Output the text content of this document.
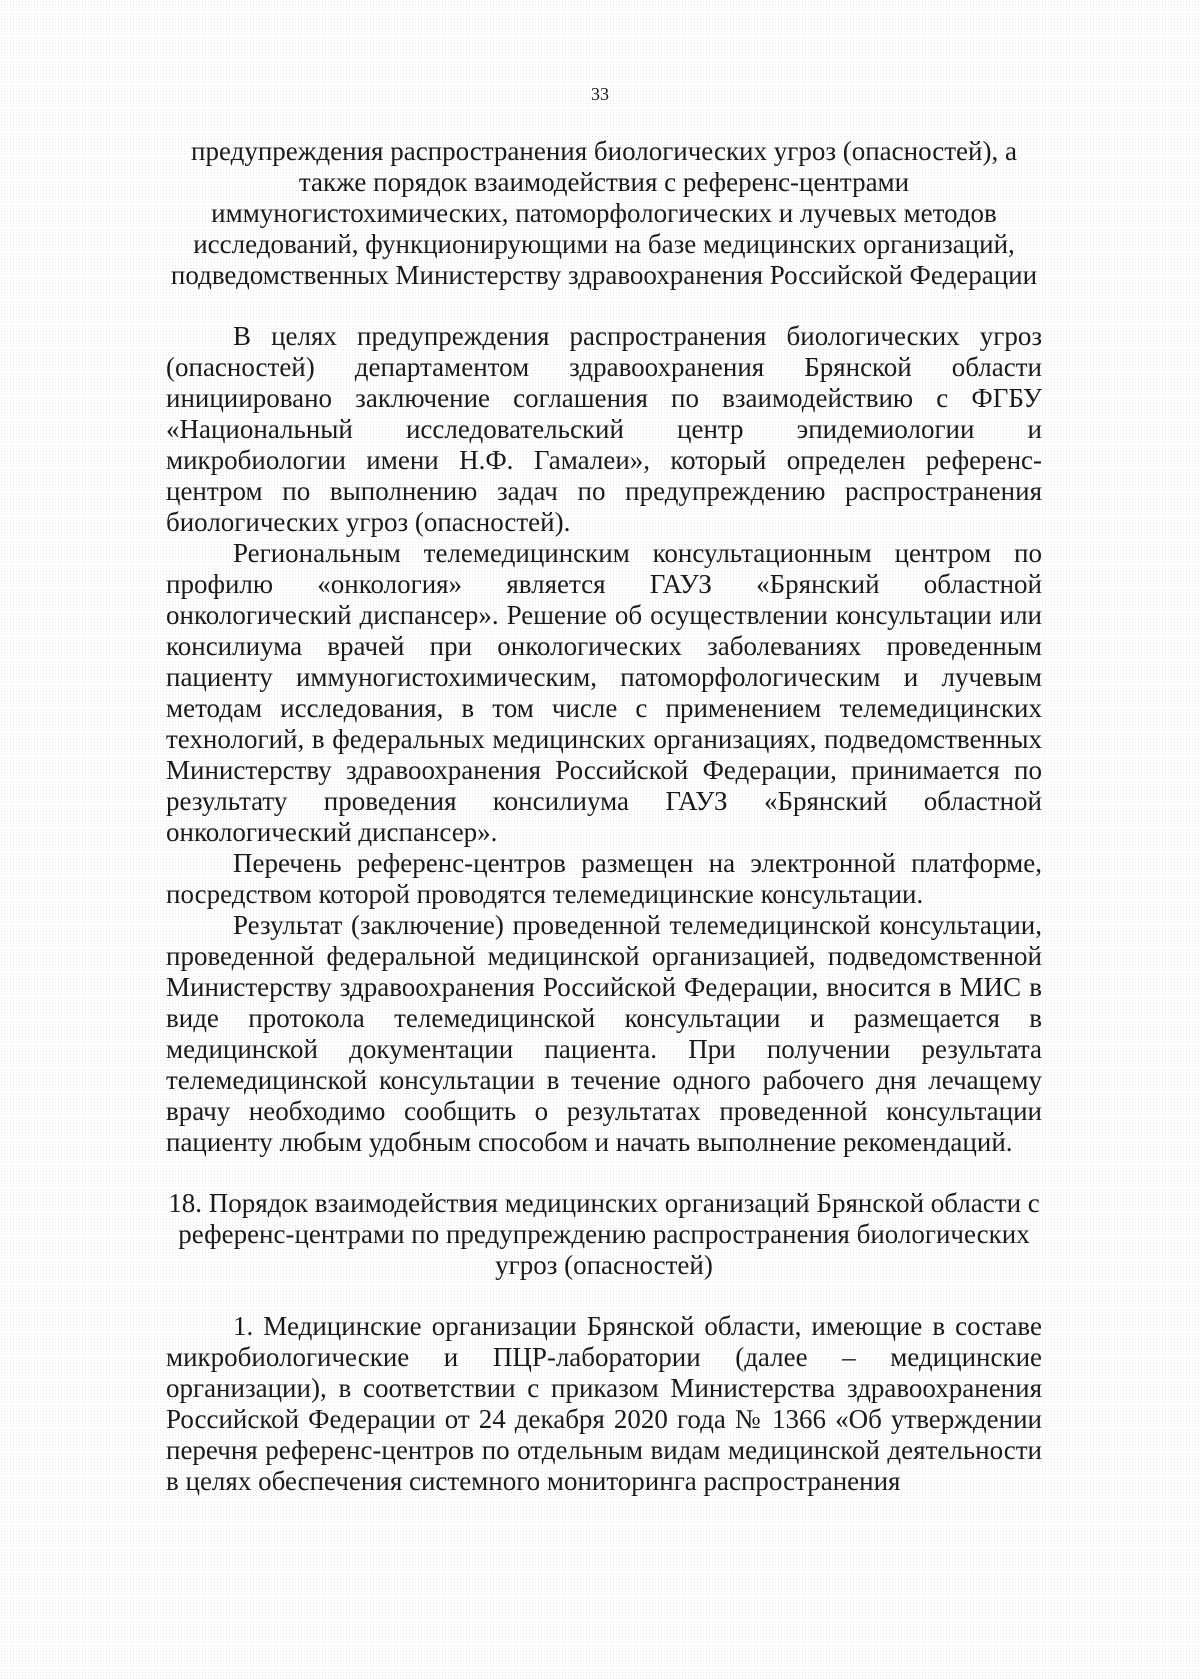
33

предупреждения распространения биологических угроз (опасностей), а также порядок взаимодействия с референс-центрами иммуногистохимических, патоморфологических и лучевых методов исследований, функционирующими на базе медицинских организаций, подведомственных Министерству здравоохранения Российской Федерации

В целях предупреждения распространения биологических угроз (опасностей) департаментом здравоохранения Брянской области инициировано заключение соглашения по взаимодействию с ФГБУ «Национальный исследовательский центр эпидемиологии и микробиологии имени Н.Ф. Гамалеи», который определен референс-центром по выполнению задач по предупреждению распространения биологических угроз (опасностей).

Региональным телемедицинским консультационным центром по профилю «онкология» является ГАУЗ «Брянский областной онкологический диспансер». Решение об осуществлении консультации или консилиума врачей при онкологических заболеваниях проведенным пациенту иммуногистохимическим, патоморфологическим и лучевым методам исследования, в том числе с применением телемедицинских технологий, в федеральных медицинских организациях, подведомственных Министерству здравоохранения Российской Федерации, принимается по результату проведения консилиума ГАУЗ «Брянский областной онкологический диспансер».

Перечень референс-центров размещен на электронной платформе, посредством которой проводятся телемедицинские консультации.

Результат (заключение) проведенной телемедицинской консультации, проведенной федеральной медицинской организацией, подведомственной Министерству здравоохранения Российской Федерации, вносится в МИС в виде протокола телемедицинской консультации и размещается в медицинской документации пациента. При получении результата телемедицинской консультации в течение одного рабочего дня лечащему врачу необходимо сообщить о результатах проведенной консультации пациенту любым удобным способом и начать выполнение рекомендаций.

18. Порядок взаимодействия медицинских организаций Брянской области с референс-центрами по предупреждению распространения биологических угроз (опасностей)

1. Медицинские организации Брянской области, имеющие в составе микробиологические и ПЦР-лаборатории (далее – медицинские организации), в соответствии с приказом Министерства здравоохранения Российской Федерации от 24 декабря 2020 года № 1366 «Об утверждении перечня референс-центров по отдельным видам медицинской деятельности в целях обеспечения системного мониторинга распространения
